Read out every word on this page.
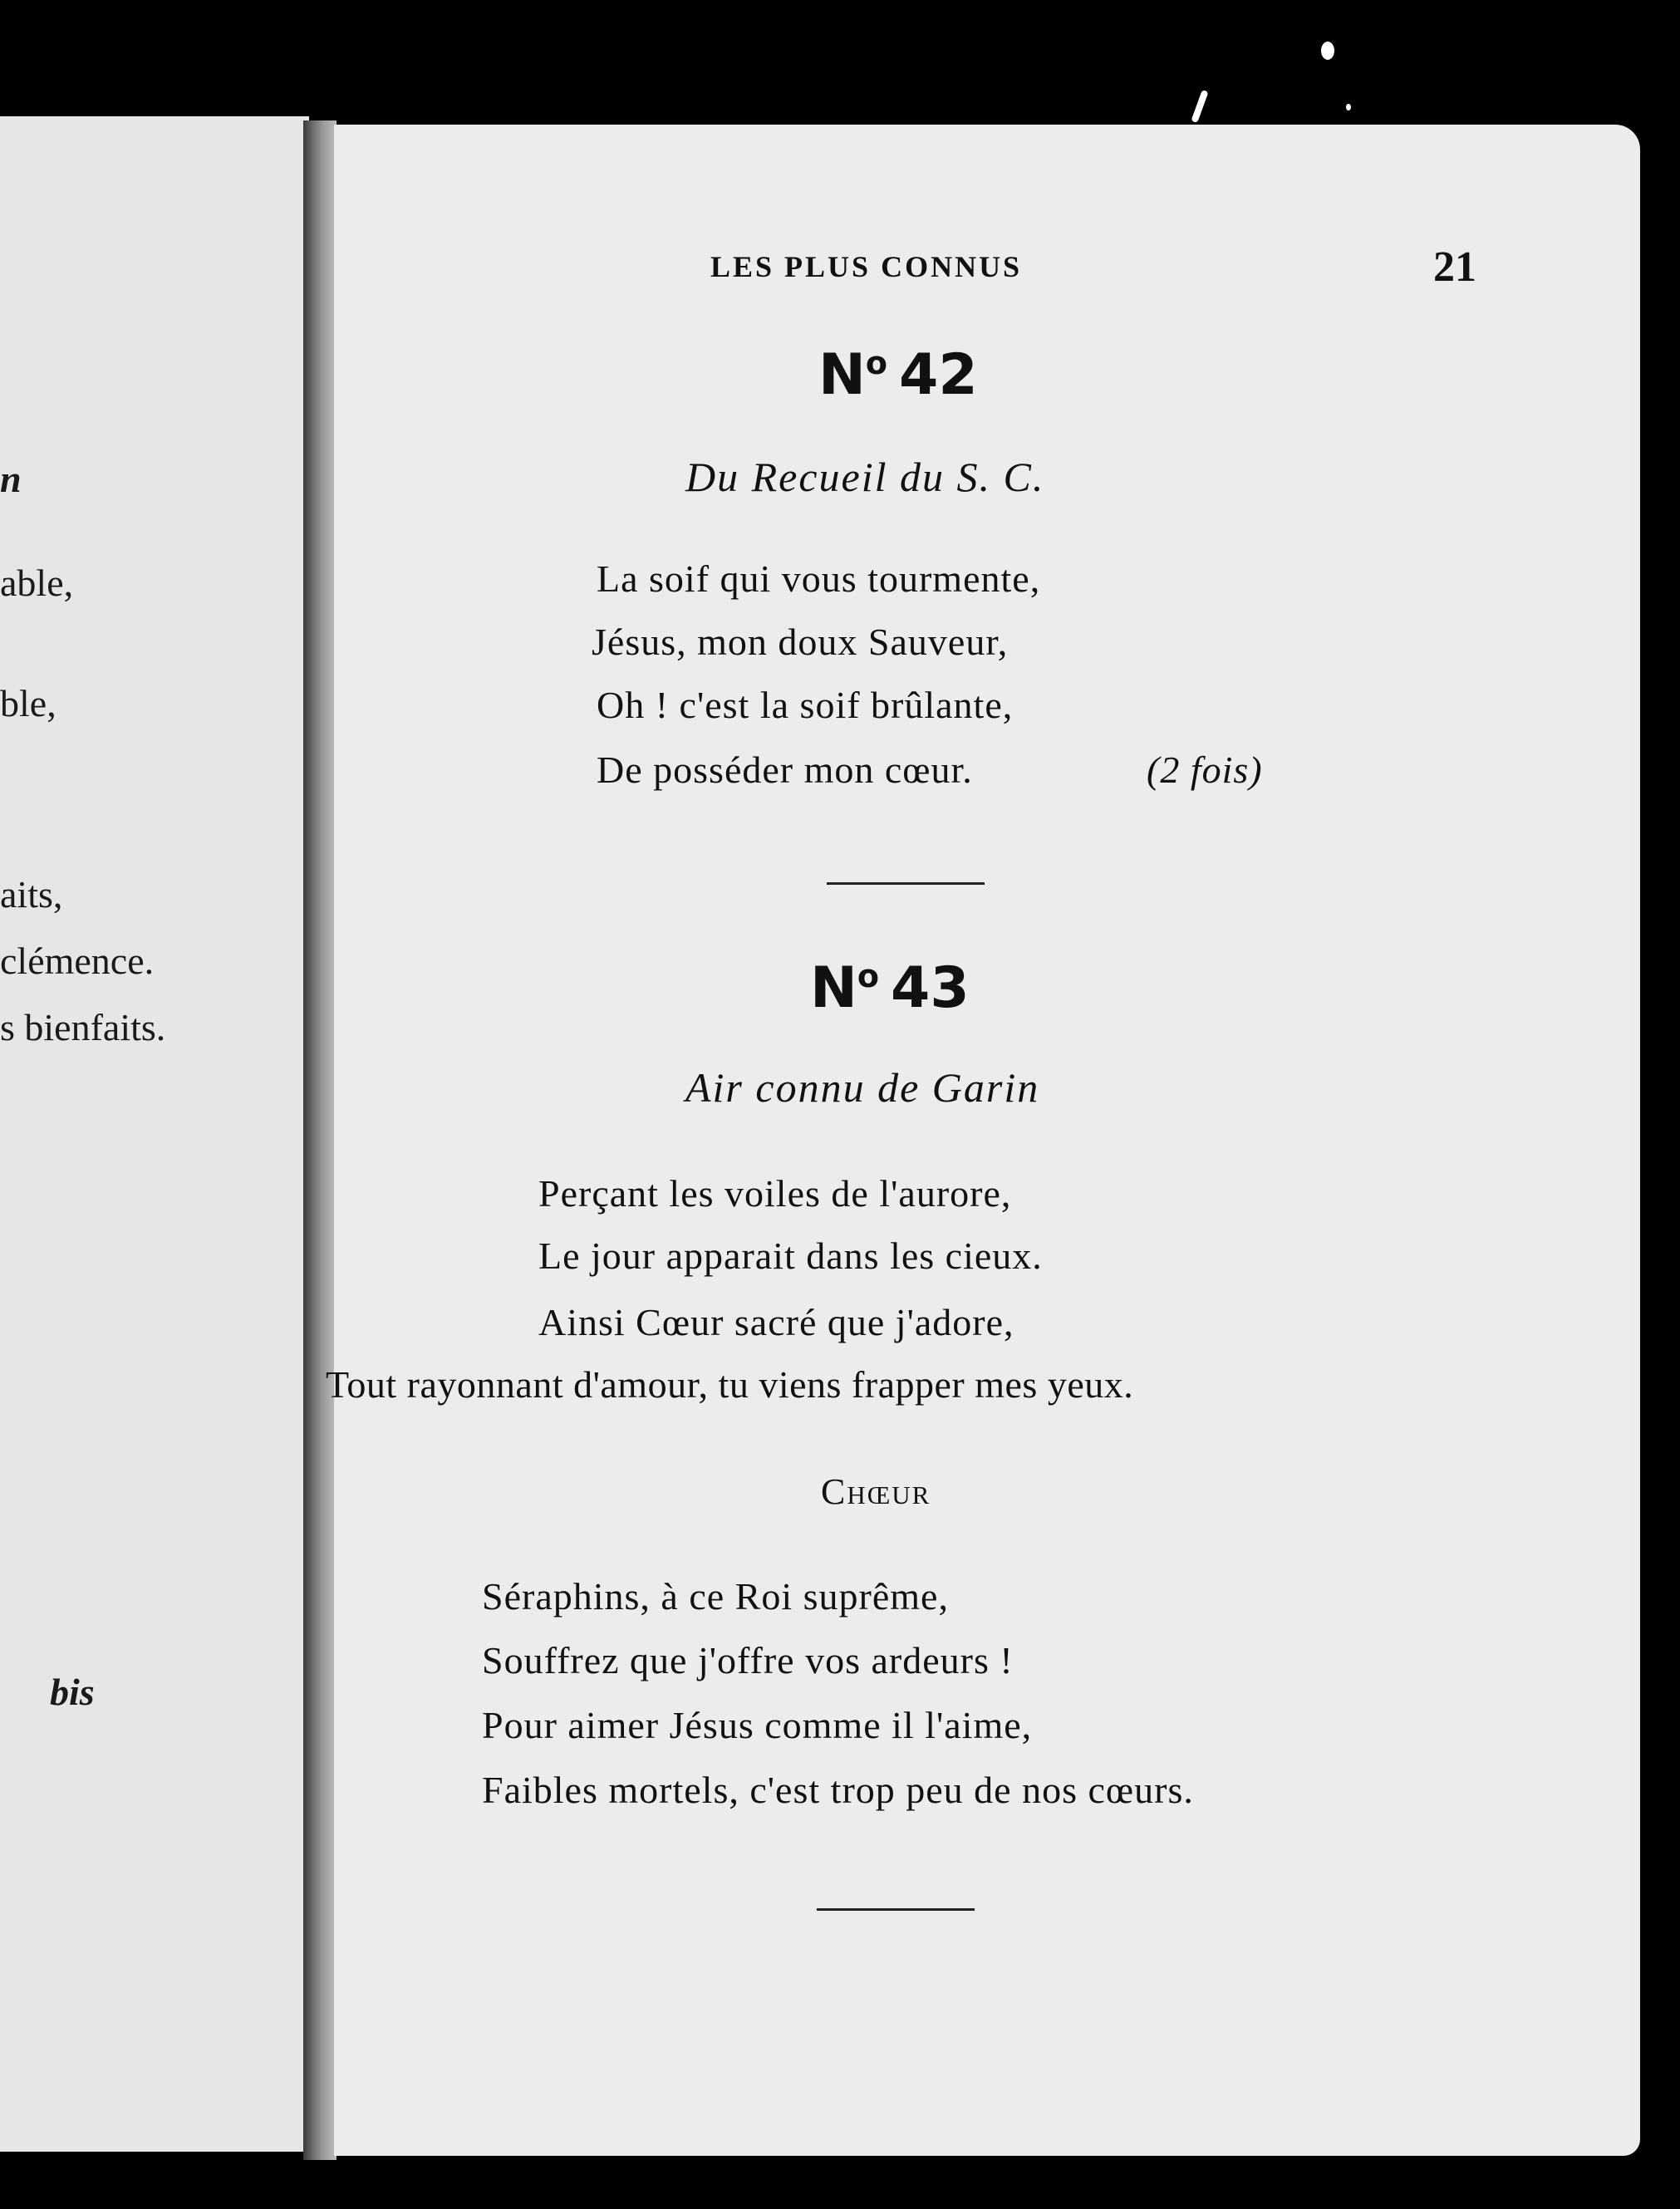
n
able,
ble,
aits,
clémence.
s bienfaits.
bis
LES PLUS CONNUS	21
$N^o$ 42
Du Recueil du S. C.
La soif qui vous tourmente,
Jésus, mon doux Sauveur,
Oh ! c'est la soif brûlante,
De posséder mon cœur.	(2 fois)
$N^o$ 43
Air connu de Garin
Perçant les voiles de l'aurore,
Le jour apparait dans les cieux.
Ainsi Cœur sacré que j'adore,
Tout rayonnant d'amour, tu viens frapper mes yeux.
Chœur
Séraphins, à ce Roi suprême,
Souffrez que j'offre vos ardeurs !
Pour aimer Jésus comme il l'aime,
Faibles mortels, c'est trop peu de nos cœurs.
